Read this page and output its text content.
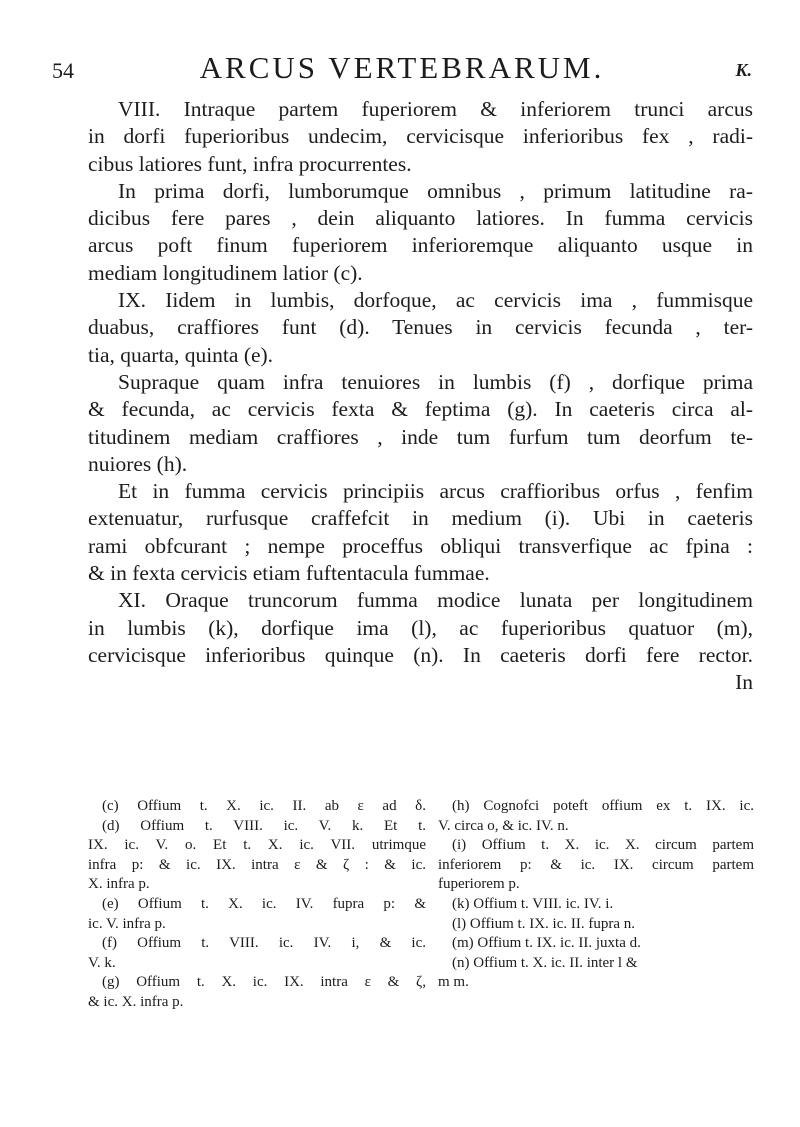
54	ARCUS VERTEBRARUM.	K.
VIII. Intraque partem fuperiorem & inferiorem trunci arcus
in dorfi fuperioribus undecim, cervicisque inferioribus fex , radi-
cibus latiores funt, infra procurrentes.
In prima dorfi, lumborumque omnibus , primum latitudine ra-
dicibus fere pares , dein aliquanto latiores. In fumma cervicis
arcus poft finum fuperiorem inferioremque aliquanto usque in
mediam longitudinem latior (c).
IX. Iidem in lumbis, dorfoque, ac cervicis ima , fummisque
duabus, craffiores funt (d). Tenues in cervicis fecunda , ter-
tia, quarta, quinta (e).
Supraque quam infra tenuiores in lumbis (f) , dorfique prima
& fecunda, ac cervicis fexta & feptima (g). In caeteris circa al-
titudinem mediam craffiores , inde tum furfum tum deorfum te-
nuiores (h).
Et in fumma cervicis principiis arcus craffioribus orfus , fenfim
extenuatur, rurfusque craffefcit in medium (i). Ubi in caeteris
rami obfcurant ; nempe proceffus obliqui transverfique ac fpina :
& in fexta cervicis etiam fuftentacula fummae.
XI. Oraque truncorum fumma modice lunata per longitudinem
in lumbis (k), dorfique ima (l), ac fuperioribus quatuor (m),
cervicisque inferioribus quinque (n). In caeteris dorfi fere rector.
In
(c) Offium t. X. ic. II. ab ε ad δ.
(d) Offium t. VIII. ic. V. k. Et t.
IX. ic. V. o. Et t. X. ic. VII. utrimque
infra p: & ic. IX. intra ε & ζ : & ic.
X. infra p.
(e) Offium t. X. ic. IV. fupra p: &
ic. V. infra p.
(f) Offium t. VIII. ic. IV. i, & ic.
V. k.
(g) Offium t. X. ic. IX. intra ε & ζ,
& ic. X. infra p.
(h) Cognofci poteft offium ex t. IX. ic.
V. circa o, & ic. IV. n.
(i) Offium t. X. ic. X. circum partem
inferiorem p: & ic. IX. circum partem
fuperiorem p.
(k) Offium t. VIII. ic. IV. i.
(l) Offium t. IX. ic. II. fupra n.
(m) Offium t. IX. ic. II. juxta d.
(n) Offium t. X. ic. II. inter l &
m m.
